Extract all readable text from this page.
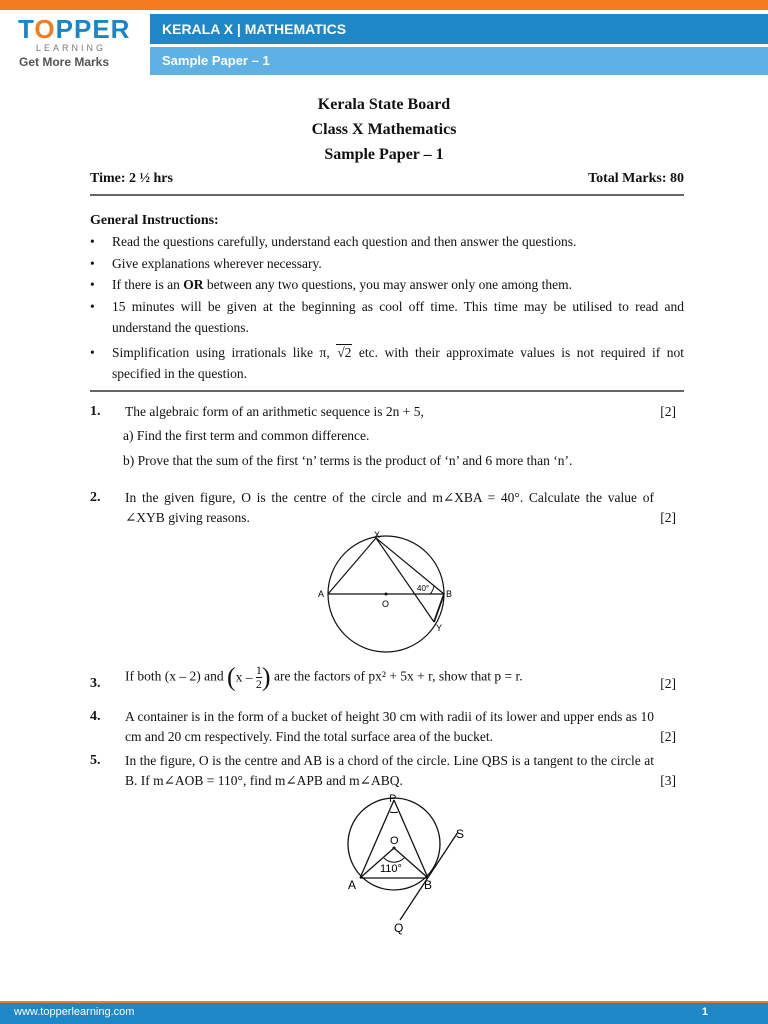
TOPPER
LEARNING
Get More Marks
KERALA X | MATHEMATICS
Sample Paper – 1
Kerala State Board
Class X Mathematics
Sample Paper – 1
Time: 2 ½ hrs	Total Marks: 80
General Instructions:
•	Read the questions carefully, understand each question and then answer the questions.
•	Give explanations wherever necessary.
•	If there is an OR between any two questions, you may answer only one among them.
•	15 minutes will be given at the beginning as cool off time. This time may be utilised to read and understand the questions.
•	Simplification using irrationals like π, √2 etc. with their approximate values is not required if not specified in the question.
1. The algebraic form of an arithmetic sequence is 2n + 5,	[2]
a) Find the first term and common difference.
b) Prove that the sum of the first ‘n’ terms is the product of ‘n’ and 6 more than ‘n’.
2. In the given figure, O is the centre of the circle and m∠XBA = 40°. Calculate the value of ∠XYB giving reasons.	[2]
X
A
O
B
Y
40°
3. If both (x – 2) and ($x - \frac{1}{2}$ ) are the factors of px² + 5x + r, show that p = r.	[2]
4. A container is in the form of a bucket of height 30 cm with radii of its lower and upper ends as 10 cm and 20 cm respectively. Find the total surface area of the bucket.	[2]
5. In the figure, O is the centre and AB is a chord of the circle. Line QBS is a tangent to the circle at B. If m∠AOB = 110°, find m∠APB and m∠ABQ.	[3]
P
O
A	B
S
Q
110°
www.topperlearning.com	1
